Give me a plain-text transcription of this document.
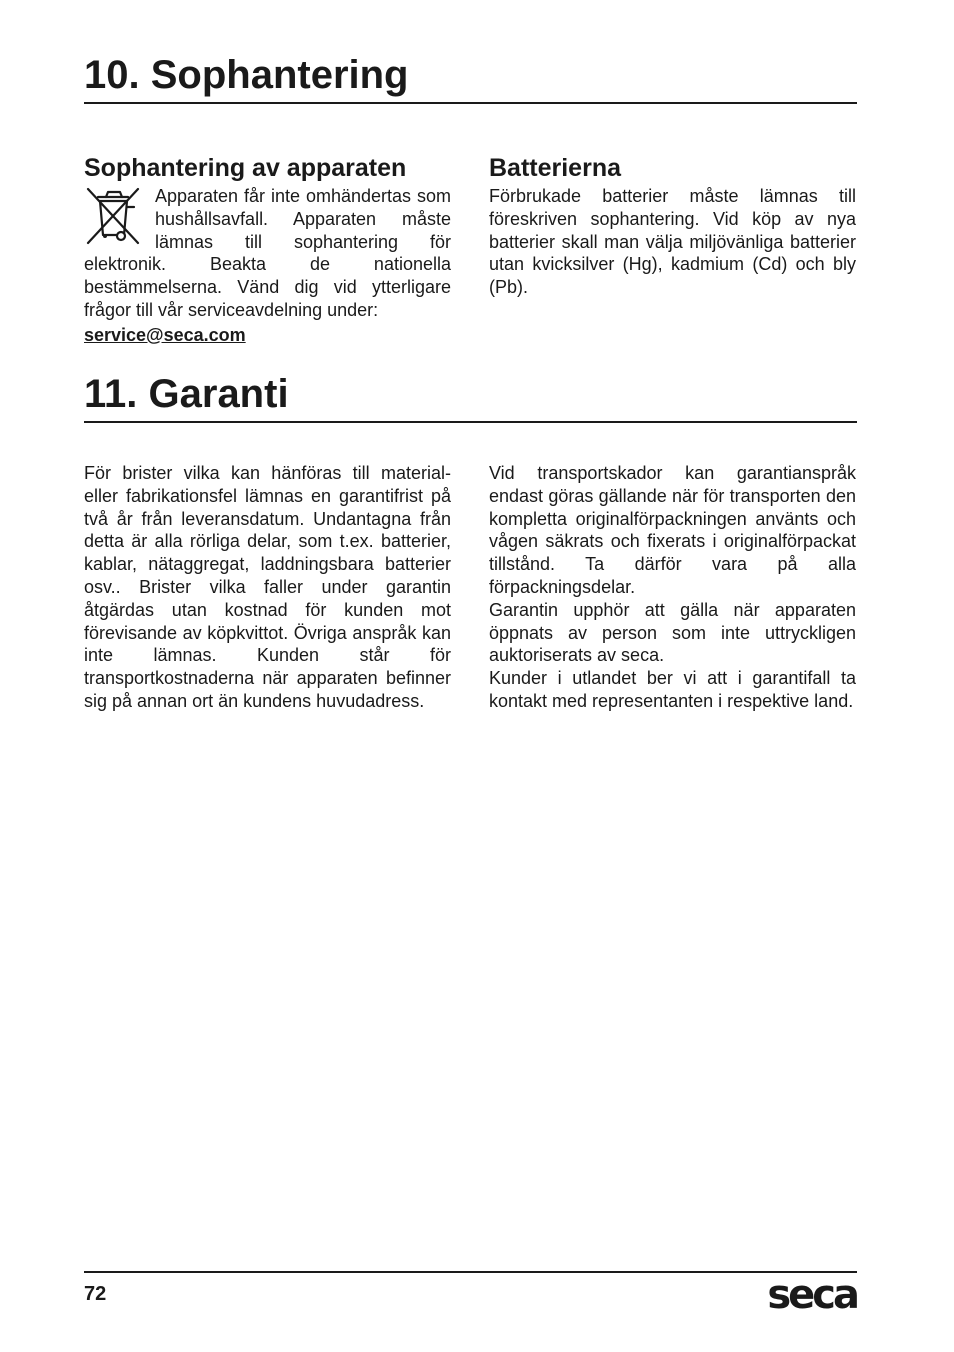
10. Sophantering
Sophantering av apparaten

Apparaten får inte omhändertas som hushållsavfall. Apparaten måste lämnas till sophantering för elektronik. Beakta de nationella bestämmelserna. Vänd dig vid ytterligare frågor till vår serviceavdelning under:

service@seca.com
Batterierna

Förbrukade batterier måste lämnas till föreskriven sophantering. Vid köp av nya batterier skall man välja miljövänliga batterier utan kvicksilver (Hg), kadmium (Cd) och bly (Pb).

11. Garanti

För brister vilka kan hänföras till material- eller fabrikationsfel lämnas en garantifrist på två år från leveransdatum. Undantagna från detta är alla rörliga delar, som t.ex. batterier, kablar, nätaggregat, laddningsbara batterier osv.. Brister vilka faller under garantin åtgärdas utan kostnad för kunden mot förevisande av köpkvittot. Övriga anspråk kan inte lämnas. Kunden står för transportkostnaderna när apparaten befinner sig på annan ort än kundens huvudadress.

Vid transportskador kan garantianspråk endast göras gällande när för transporten den kompletta originalförpackningen använts och vågen säkrats och fixerats i originalförpackat tillstånd. Ta därför vara på alla förpackningsdelar.

Garantin upphör att gälla när apparaten öppnats av person som inte uttryckligen auktoriserats av seca.

Kunder i utlandet ber vi att i garantifall ta kontakt med representanten i respektive land.

72	seca
